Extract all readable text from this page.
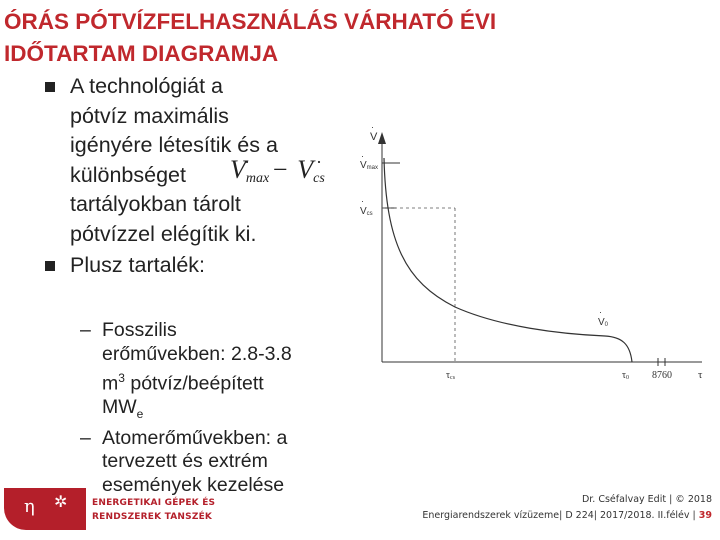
ÓRÁS PÓTVÍZFELHASZNÁLÁS VÁRHATÓ ÉVI
IDŐTARTAM DIAGRAMJA
A technológiát a
pótvíz maximális
igényére létesítik és a
különbséget
tartályokban tárolt
pótvízzel elégítik ki.
Plusz tartalék:
·
Vmax− ·
Vcs
– Fosszilis
erőművekben: 2.8-3.8
$m^3$ pótvíz/beépített
$MW_e$
– Atomerőművekben: a
tervezett és extrém
események kezelése
V
·
Vmax
·
Vcs
·
V0
·
τcs	τ0 8760 τ
η ✲	ENERGETIKAI GÉPEK ÉS
RENDSZEREK TANSZÉK
Dr. Cséfalvay Edit | © 2018
Energiarendszerek vízüzeme| D 224| 2017/2018. II.félév | 39
